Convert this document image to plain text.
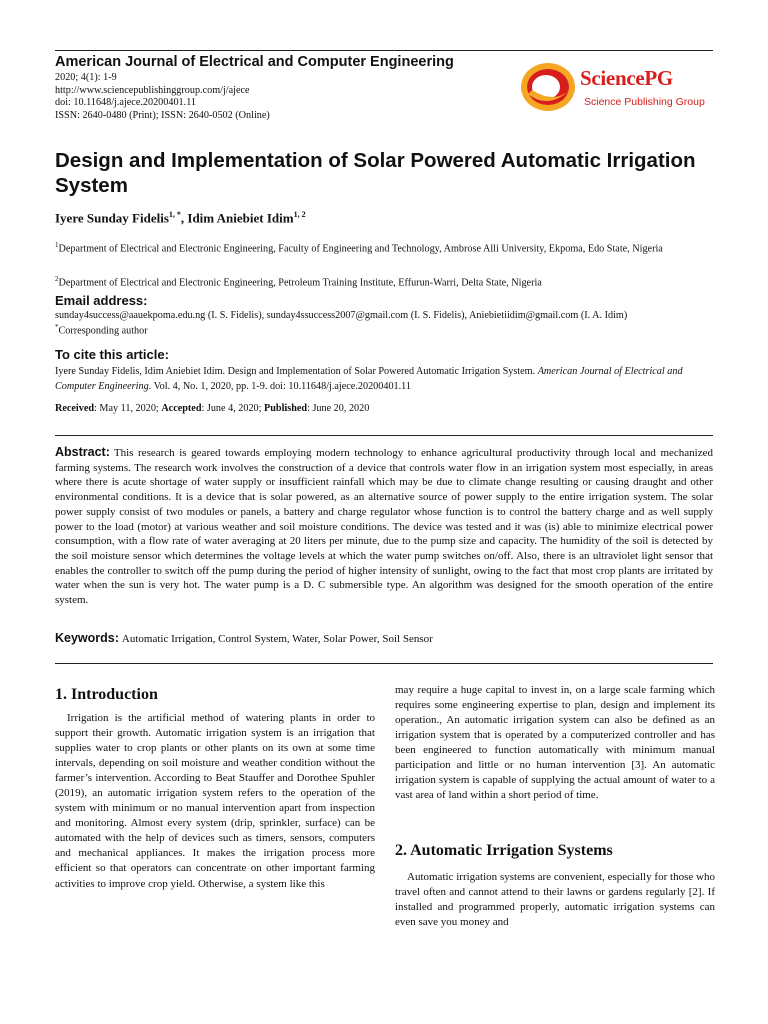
American Journal of Electrical and Computer Engineering
2020; 4(1): 1-9
http://www.sciencepublishinggroup.com/j/ajece
doi: 10.11648/j.ajece.20200401.11
ISSN: 2640-0480 (Print); ISSN: 2640-0502 (Online)
SciencePG
Science Publishing Group
Design and Implementation of Solar Powered Automatic Irrigation System
Iyere Sunday Fidelis$^{1, *}$, Idim Aniebiet Idim$^{1, 2}$
$^1$Department of Electrical and Electronic Engineering, Faculty of Engineering and Technology, Ambrose Alli University, Ekpoma, Edo State, Nigeria
$^2$Department of Electrical and Electronic Engineering, Petroleum Training Institute, Effurun-Warri, Delta State, Nigeria
Email address:
sunday4success@aauekpoma.edu.ng (I. S. Fidelis), sunday4ssuccess2007@gmail.com (I. S. Fidelis), Aniebietiidim@gmail.com (I. A. Idim)
*Corresponding author
To cite this article:
Iyere Sunday Fidelis, Idim Aniebiet Idim. Design and Implementation of Solar Powered Automatic Irrigation System. American Journal of Electrical and Computer Engineering. Vol. 4, No. 1, 2020, pp. 1-9. doi: 10.11648/j.ajece.20200401.11
Received: May 11, 2020; Accepted: June 4, 2020; Published: June 20, 2020
Abstract: This research is geared towards employing modern technology to enhance agricultural productivity through local and mechanized farming systems. The research work involves the construction of a device that controls water flow in an irrigation system most especially, in areas where there is acute shortage of water supply or insufficient rainfall which may be due to climate change resulting or causing draught and other environmental conditions. It is a device that is solar powered, as an alternative source of power supply to the entire irrigation system. The solar power supply consist of two modules or panels, a battery and charge regulator whose function is to control the battery charge and as well supply power to the load (motor) at various weather and soil moisture conditions. The device was tested and it was (is) able to minimize electrical power consumption, with a flow rate of water averaging at 20 liters per minute, due to the pump size and capacity. The humidity of the soil is detected by the soil moisture sensor which determines the voltage levels at which the water pump switches on/off. Also, there is an ultraviolet light sensor that enables the controller to switch off the pump during the period of higher intensity of sunlight, owing to the fact that most crop plants are irritated by water when the sun is very hot. The water pump is a D. C submersible type. An algorithm was designed for the smooth operation of the entire system.
Keywords: Automatic Irrigation, Control System, Water, Solar Power, Soil Sensor
1. Introduction
Irrigation is the artificial method of watering plants in order to support their growth. Automatic irrigation system is an irrigation that supplies water to crop plants or other plants on its own at some time intervals, depending on soil moisture and weather condition without the farmer’s intervention. According to Beat Stauffer and Dorothee Spuhler (2019), an automatic irrigation system refers to the operation of the system with minimum or no manual intervention apart from inspection and monitoring. Almost every system (drip, sprinkler, surface) can be automated with the help of devices such as timers, sensors, computers and mechanical appliances. It makes the irrigation process more efficient so that operators can concentrate on other important farming activities to improve crop yield. Otherwise, a system like this
may require a huge capital to invest in, on a large scale farming which requires some engineering expertise to plan, design and implement its operation., An automatic irrigation system can also be defined as an irrigation system that is operated by a computerized controller and has been engineered to function automatically with minimum manual participation and little or no human intervention [3]. An automatic irrigation system is capable of supplying the actual amount of water to a vast area of land within a short period of time.
2. Automatic Irrigation Systems
Automatic irrigation systems are convenient, especially for those who travel often and cannot attend to their lawns or gardens regularly [2]. If installed and programmed properly, automatic irrigation systems can even save you money and
